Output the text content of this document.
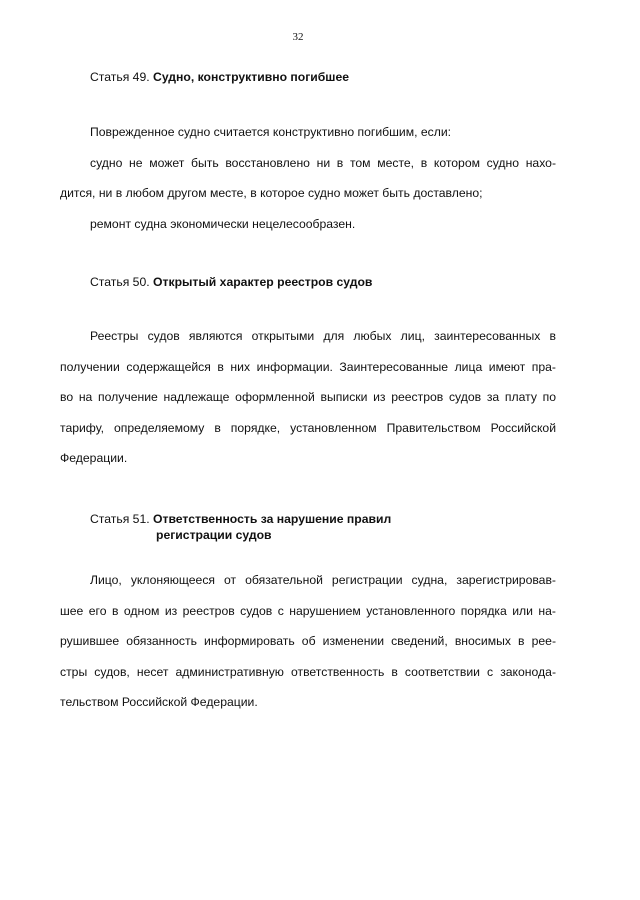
32
Статья 49. Судно, конструктивно погибшее
Поврежденное судно считается конструктивно погибшим, если:
судно не может быть восстановлено ни в том месте, в котором судно нахо-
дится, ни в любом другом месте, в которое судно может быть доставлено;
ремонт судна экономически нецелесообразен.
Статья 50. Открытый характер реестров судов
Реестры судов являются открытыми для любых лиц, заинтересованных в
получении содержащейся в них информации. Заинтересованные лица имеют пра-
во на получение надлежаще оформленной выписки из реестров судов за плату по
тарифу, определяемому в порядке, установленном Правительством Российской
Федерации.
Статья 51. Ответственность за нарушение правил
регистрации судов
Лицо, уклоняющееся от обязательной регистрации судна, зарегистрировав-
шее его в одном из реестров судов с нарушением установленного порядка или на-
рушившее обязанность информировать об изменении сведений, вносимых в рее-
стры судов, несет административную ответственность в соответствии с законода-
тельством Российской Федерации.
